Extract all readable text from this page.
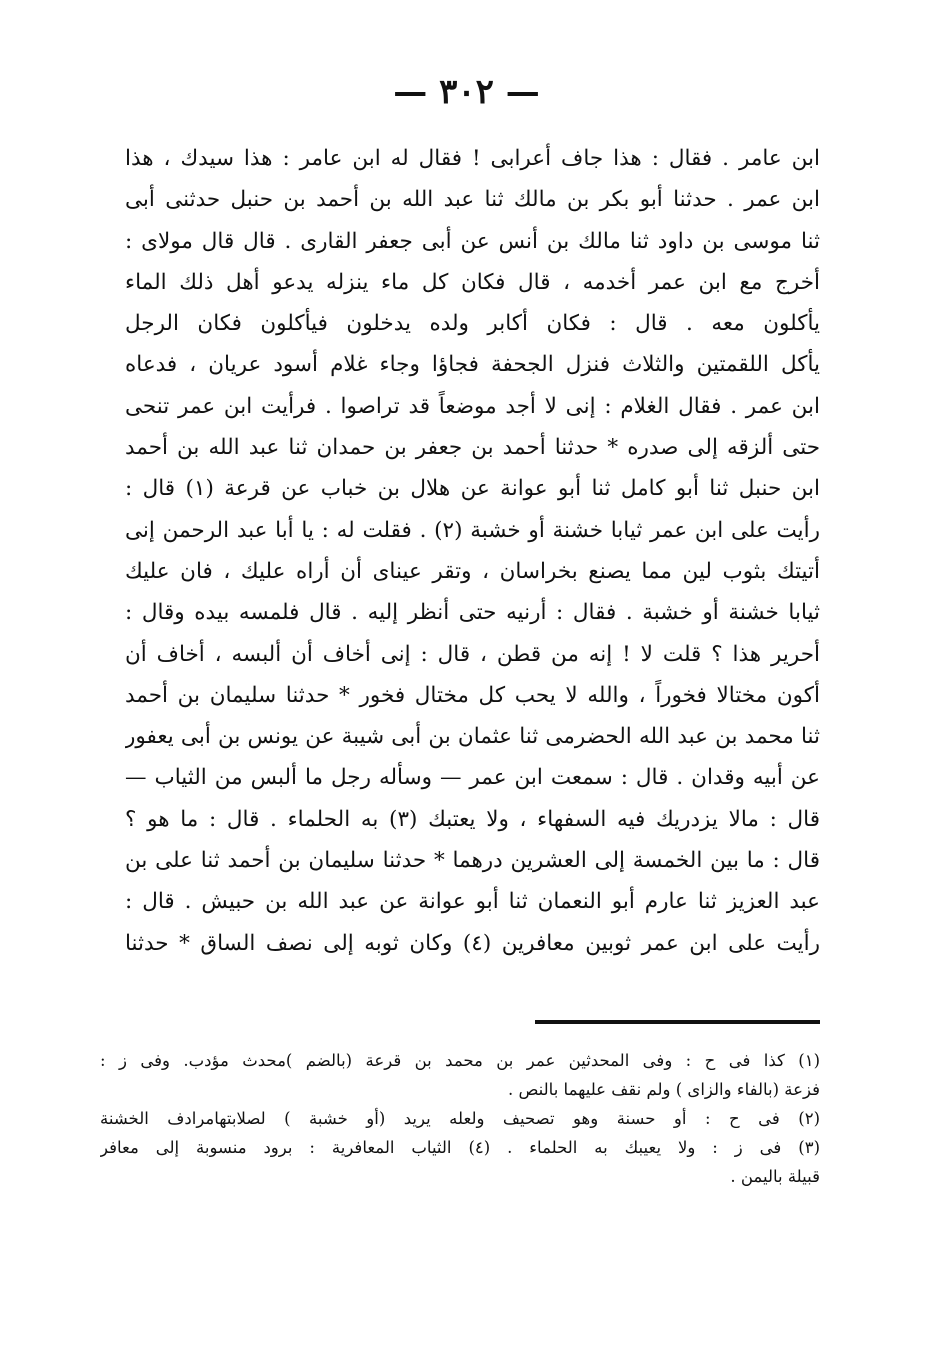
— ٣٠٢ —
ابن عامر . فقال : هذا جاف أعرابى ! فقال له ابن عامر : هذا سيدك ، هذا
ابن عمر . حدثنا أبو بكر بن مالك ثنا عبد الله بن أحمد بن حنبل حدثنى أبى
ثنا موسى بن داود ثنا مالك بن أنس عن أبى جعفر القارى . قال قال مولاى :
أخرج مع ابن عمر أخدمه ، قال فكان كل ماء ينزله يدعو أهل ذلك الماء
يأكلون معه . قال : فكان أكابر ولده يدخلون فيأكلون فكان الرجل
يأكل اللقمتين والثلاث فنزل الجحفة فجاؤا وجاء غلام أسود عريان ، فدعاه
ابن عمر . فقال الغلام : إنى لا أجد موضعاً قد تراصوا . فرأيت ابن عمر تنحى
حتى ألزقه إلى صدره * حدثنا أحمد بن جعفر بن حمدان ثنا عبد الله بن أحمد
ابن حنبل ثنا أبو كامل ثنا أبو عوانة عن هلال بن خباب عن قرعة (١) قال :
رأيت على ابن عمر ثيابا خشنة أو خشبة (٢) . فقلت له : يا أبا عبد الرحمن إنى
أتيتك بثوب لين مما يصنع بخراسان ، وتقر عيناى أن أراه عليك ، فان عليك
ثيابا خشنة أو خشبة . فقال : أرنيه حتى أنظر إليه . قال فلمسه بيده وقال :
أحرير هذا ؟ قلت لا ! إنه من قطن ، قال : إنى أخاف أن ألبسه ، أخاف أن
أكون مختالا فخوراً ، والله لا يحب كل مختال فخور * حدثنا سليمان بن أحمد
ثنا محمد بن عبد الله الحضرمى ثنا عثمان بن أبى شيبة عن يونس بن أبى يعفور
عن أبيه وقدان . قال : سمعت ابن عمر — وسأله رجل ما ألبس من الثياب —
قال : مالا يزدريك فيه السفهاء ، ولا يعتبك (٣) به الحلماء . قال : ما هو ؟
قال : ما بين الخمسة إلى العشرين درهما * حدثنا سليمان بن أحمد ثنا على بن
عبد العزيز ثنا عارم أبو النعمان ثنا أبو عوانة عن عبد الله بن حبيش . قال :
رأيت على ابن عمر ثوبين معافرين (٤) وكان ثوبه إلى نصف الساق * حدثنا
(١) كذا فى ح : وفى المحدثين عمر بن محمد بن قرعة (بالضم )محدث مؤدب. وفى ز :
فزعة (بالفاء والزاى ) ولم نقف عليهما بالنص .
(٢) فى ح : أو حسنة وهو تصحيف ولعله يريد (أو خشبة ) لصلابتهامرادف الخشنة
(٣) فى ز : ولا يعيبك به الحلماء . (٤) الثياب المعافرية : برود منسوبة إلى معافر
قبيلة باليمن .
